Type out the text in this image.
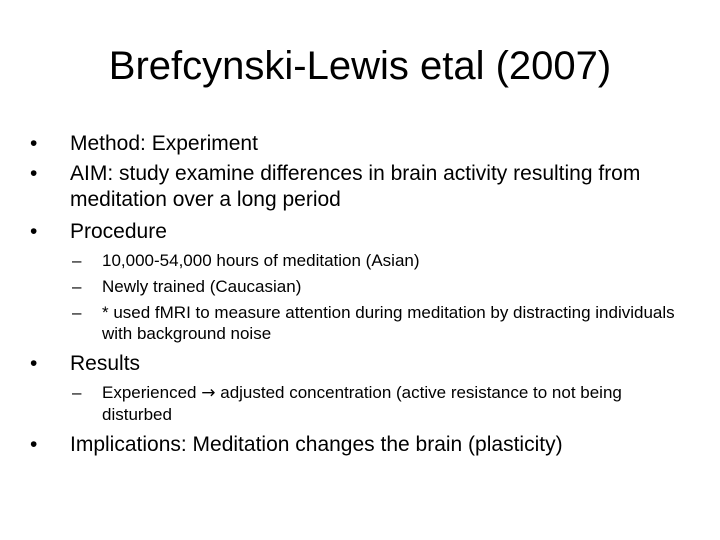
Brefcynski-Lewis etal (2007)
•	Method: Experiment
•	AIM: study examine differences in brain activity resulting from meditation over a long period
•	Procedure
–	10,000-54,000 hours of meditation (Asian)
–	Newly trained (Caucasian)
–	* used fMRI to measure attention during meditation by distracting individuals with background noise
•	Results
–	Experienced → adjusted concentration (active resistance to not being disturbed
•	Implications: Meditation changes the brain (plasticity)
